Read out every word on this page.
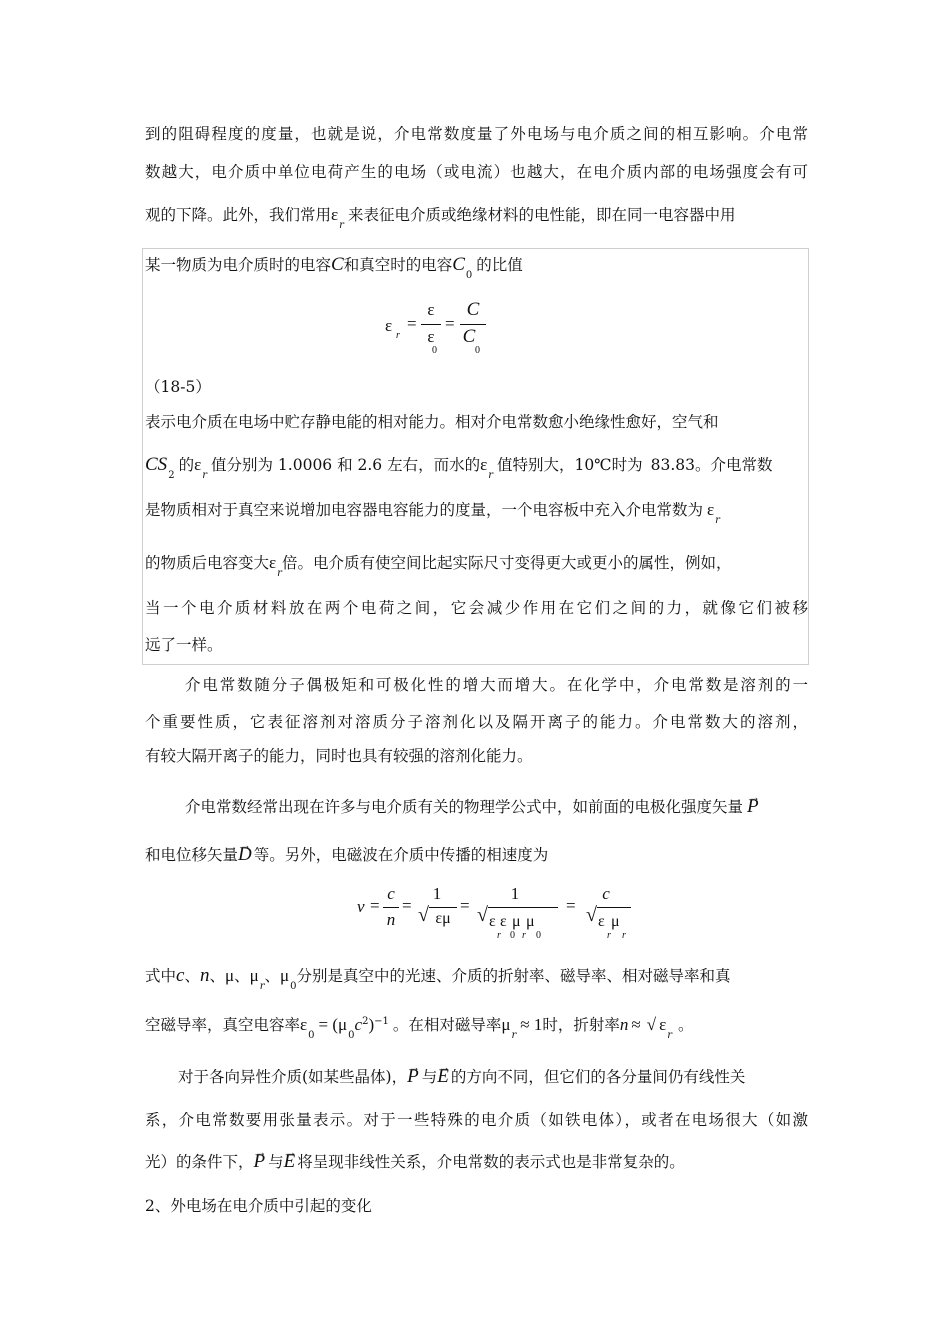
到的阻碍程度的度量，也就是说，介电常数度量了外电场与电介质之间的相互影响。介电常
数越大，电介质中单位电荷产生的电场（或电流）也越大，在电介质内部的电场强度会有可
观的下降。此外，我们常用$\varepsilon_r$来表征电介质或绝缘材料的电性能，即在同一电容器中用
某一物质为电介质时的电容C和真空时的电容$C_0$的比值
ε
r
=
ε
ε
0
=
C
C
0
（18-5）
表示电介质在电场中贮存静电能的相对能力。相对介电常数愈小绝缘性愈好，空气和
$CS_2$的$\varepsilon_r$值分别为 1.0006 和 2.6 左右，而水的$\varepsilon_r$值特别大，10℃时为 83.83。介电常数
是物质相对于真空来说增加电容器电容能力的度量，一个电容板中充入介电常数为 $\varepsilon_r$
的物质后电容变大$\varepsilon_r$倍。电介质有使空间比起实际尺寸变得更大或更小的属性，例如，
当一个电介质材料放在两个电荷之间，它会减少作用在它们之间的力，就像它们被移
远了一样。
介电常数随分子偶极矩和可极化性的增大而增大。在化学中，介电常数是溶剂的一
个重要性质，它表征溶剂对溶质分子溶剂化以及隔开离子的能力。介电常数大的溶剂，
有较大隔开离子的能力，同时也具有较强的溶剂化能力。
介电常数经常出现在许多与电介质有关的物理学公式中，如前面的电极化强度矢量→ P
和电位移矢量→ D 等。另外，电磁波在介质中传播的相速度为
v =
c
n
=
1
√ εμ
=
1
√ ε ε μ μ
r 0 r 0
=
c
√ ε μ
r r
式中c、n、μ、$\mu_r$、$\mu_0$分别是真空中的光速、介质的折射率、磁导率、相对磁导率和真
空磁导率，真空电容率$\varepsilon_0= (\mu_0c^2)^{-1}$ 。在相对磁导率$\mu_r\approx 1$时，折射率n ≈ √ $\varepsilon_r$。
对于各向异性介质(如某些晶体)，→ P 与→ E 的方向不同，但它们的各分量间仍有线性关
系，介电常数要用张量表示。对于一些特殊的电介质（如铁电体），或者在电场很大（如激
光）的条件下，→ P 与→ E 将呈现非线性关系，介电常数的表示式也是非常复杂的。
2、外电场在电介质中引起的变化
